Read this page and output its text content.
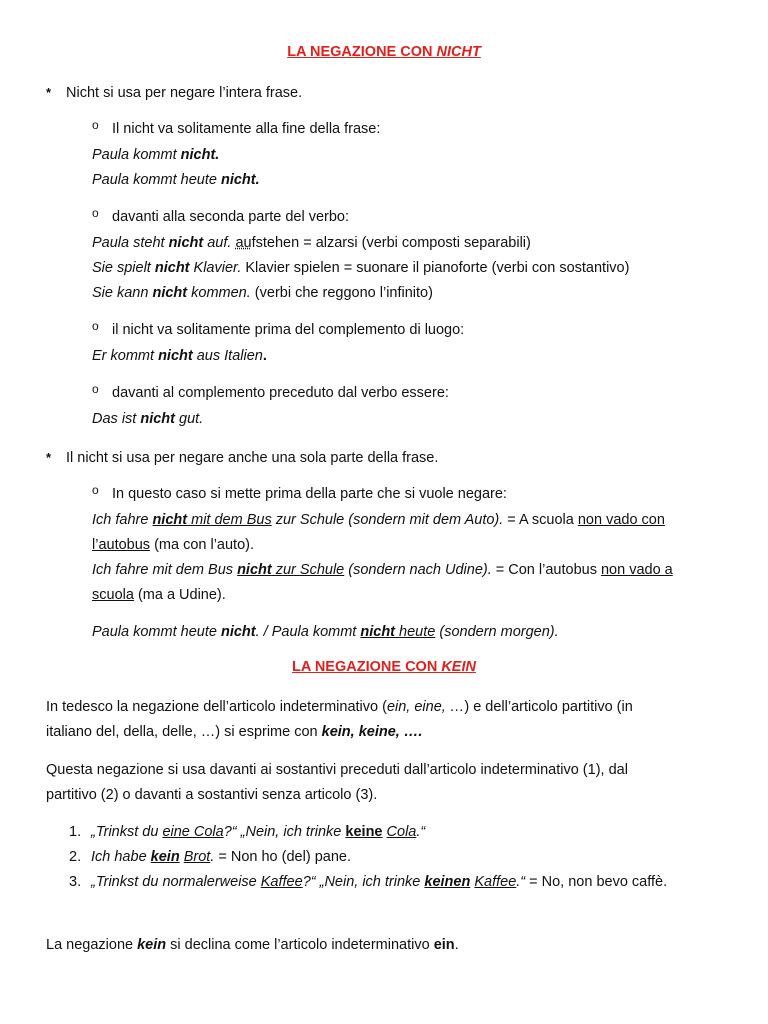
LA NEGAZIONE CON NICHT
* Nicht si usa per negare l’intera frase.
o Il nicht va solitamente alla fine della frase:
Paula kommt nicht.
Paula kommt heute nicht.
o davanti alla seconda parte del verbo:
Paula steht nicht auf. aufstehen = alzarsi (verbi composti separabili)
Sie spielt nicht Klavier. Klavier spielen = suonare il pianoforte (verbi con sostantivo)
Sie kann nicht kommen. (verbi che reggono l’infinito)
o il nicht va solitamente prima del complemento di luogo:
Er kommt nicht aus Italien.
o davanti al complemento preceduto dal verbo essere:
Das ist nicht gut.
* Il nicht si usa per negare anche una sola parte della frase.
o In questo caso si mette prima della parte che si vuole negare:
Ich fahre nicht mit dem Bus zur Schule (sondern mit dem Auto). = A scuola non vado con
l’autobus (ma con l’auto).
Ich fahre mit dem Bus nicht zur Schule (sondern nach Udine). = Con l’autobus non vado a
scuola (ma a Udine).
Paula kommt heute nicht. / Paula kommt nicht heute (sondern morgen).
LA NEGAZIONE CON KEIN
In tedesco la negazione dell’articolo indeterminativo (ein, eine, …) e dell’articolo partitivo (in
italiano del, della, delle, …) si esprime con kein, keine, ….
Questa negazione si usa davanti ai sostantivi preceduti dall’articolo indeterminativo (1), dal
partitivo (2) o davanti a sostantivi senza articolo (3).
1. „Trinkst du eine Cola?“ „Nein, ich trinke keine Cola.“
2. Ich habe kein Brot. = Non ho (del) pane.
3. „Trinkst du normalerweise Kaffee?“ „Nein, ich trinke keinen Kaffee.“ = No, non bevo caffè.
La negazione kein si declina come l’articolo indeterminativo ein.
